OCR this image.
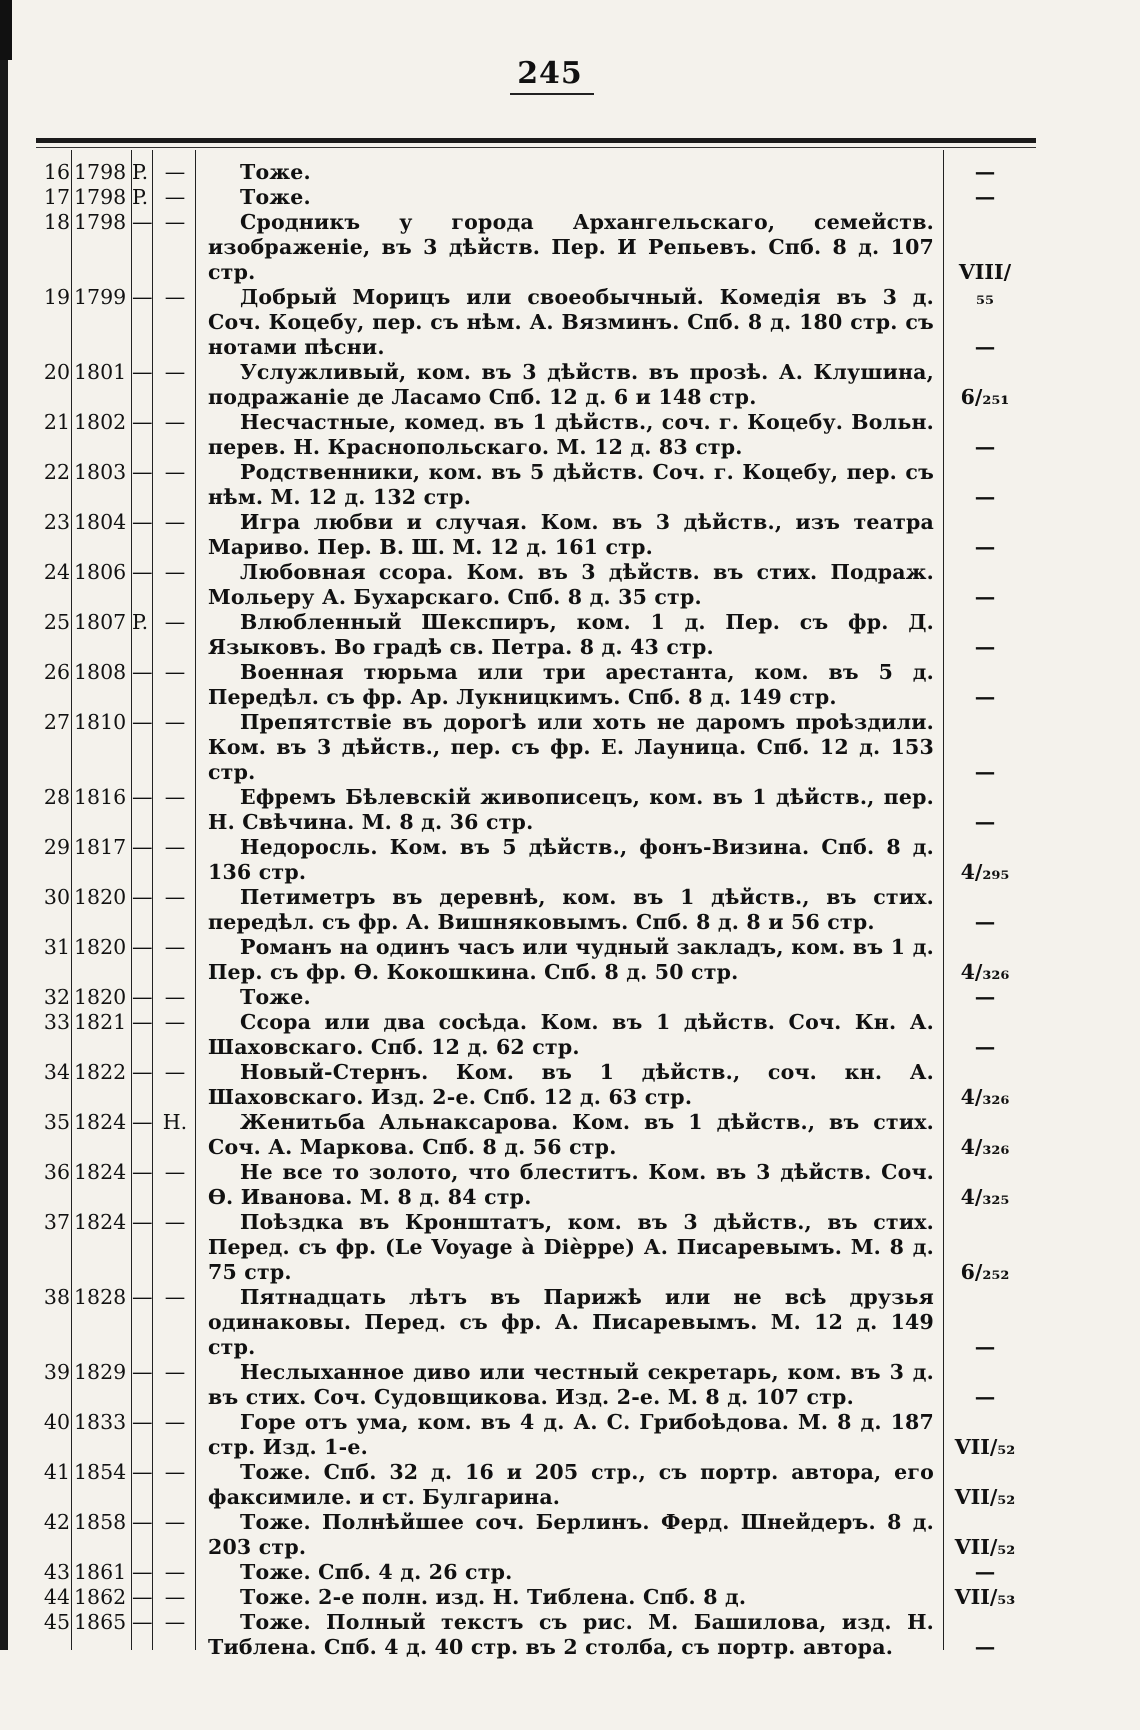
245
16 1798 P. —	Тоже.	—
17 1798 P. —	Тоже.	—
18 1798 — —	Сродникъ у города Архангельскаго, семейств. изображеніе, въ 3 дѣйств. Пер. И Репьевъ. Спб. 8 д. 107 стр.	VIII/₅₅
19 1799 — —	Добрый Морицъ или своеобычный. Комедія въ 3 д. Соч. Коцебу, пер. съ нѣм. А. Вязминъ. Спб. 8 д. 180 стр. съ нотами пѣсни.	—
20 1801 — —	Услужливый, ком. въ 3 дѣйств. въ прозѣ. А. Клушина, подражаніе де Ласамо Спб. 12 д. 6 и 148 стр.	6/₂₅₁
21 1802 — —	Несчастные, комед. въ 1 дѣйств., соч. г. Коцебу. Вольн. перев. Н. Краснопольскаго. М. 12 д. 83 стр.	—
22 1803 — —	Родственники, ком. въ 5 дѣйств. Соч. г. Коцебу, пер. съ нѣм. М. 12 д. 132 стр.	—
23 1804 — —	Игра любви и случая. Ком. въ 3 дѣйств., изъ театра Мариво. Пер. В. Ш. М. 12 д. 161 стр.	—
24 1806 — —	Любовная ссора. Ком. въ 3 дѣйств. въ стих. Подраж. Мольеру А. Бухарскаго. Спб. 8 д. 35 стр.	—
25 1807 P. —	Влюбленный Шекспиръ, ком. 1 д. Пер. съ фр. Д. Языковъ. Во градѣ св. Петра. 8 д. 43 стр.	—
26 1808 — —	Военная тюрьма или три арестанта, ком. въ 5 д. Передѣл. съ фр. Ар. Лукницкимъ. Спб. 8 д. 149 стр.	—
27 1810 — —	Препятствіе въ дорогѣ или хоть не даромъ проѣздили. Ком. въ 3 дѣйств., пер. съ фр. Е. Лауница. Спб. 12 д. 153 стр.	—
28 1816 — —	Ефремъ Бѣлевскій живописецъ, ком. въ 1 дѣйств., пер. Н. Свѣчина. М. 8 д. 36 стр.	—
29 1817 — —	Недоросль. Ком. въ 5 дѣйств., фонъ-Визина. Спб. 8 д. 136 стр.	4/₂₉₅
30 1820 — —	Петиметръ въ деревнѣ, ком. въ 1 дѣйств., въ стих. передѣл. съ фр. А. Вишняковымъ. Спб. 8 д. 8 и 56 стр.	—
31 1820 — —	Романъ на одинъ часъ или чудный закладъ, ком. въ 1 д. Пер. съ фр. Ѳ. Кокошкина. Спб. 8 д. 50 стр.	4/₃₂₆
32 1820 — —	Тоже.	—
33 1821 — —	Ссора или два сосѣда. Ком. въ 1 дѣйств. Соч. Кн. А. Шаховскаго. Спб. 12 д. 62 стр.	—
34 1822 — —	Новый-Стернъ. Ком. въ 1 дѣйств., соч. кн. А. Шаховскаго. Изд. 2-е. Спб. 12 д. 63 стр.	4/₃₂₆
35 1824 — H.	Женитьба Альнаксарова. Ком. въ 1 дѣйств., въ стих. Соч. А. Маркова. Спб. 8 д. 56 стр.	4/₃₂₆
36 1824 — —	Не все то золото, что блеститъ. Ком. въ 3 дѣйств. Соч. Ѳ. Иванова. М. 8 д. 84 стр.	4/₃₂₅
37 1824 — —	Поѣздка въ Кронштатъ, ком. въ 3 дѣйств., въ стих. Перед. съ фр. (Le Voyage à Dièppe) А. Писаревымъ. М. 8 д. 75 стр.	6/₂₅₂
38 1828 — —	Пятнадцать лѣтъ въ Парижѣ или не всѣ друзья одинаковы. Перед. съ фр. А. Писаревымъ. М. 12 д. 149 стр.	—
39 1829 — —	Неслыханное диво или честный секретарь, ком. въ 3 д. въ стих. Соч. Судовщикова. Изд. 2-е. М. 8 д. 107 стр.	—
40 1833 — —	Горе отъ ума, ком. въ 4 д. А. С. Грибоѣдова. М. 8 д. 187 стр. Изд. 1-е.	VII/₅₂
41 1854 — —	Тоже. Спб. 32 д. 16 и 205 стр., съ портр. автора, его факсимиле. и ст. Булгарина.	VII/₅₂
42 1858 — —	Тоже. Полнѣйшее соч. Берлинъ. Ферд. Шнейдеръ. 8 д. 203 стр.	VII/₅₂
43 1861 — —	Тоже. Спб. 4 д. 26 стр.	—
44 1862 — —	Тоже. 2-е полн. изд. Н. Тиблена. Спб. 8 д.	VII/₅₃
45 1865 — —	Тоже. Полный текстъ съ рис. М. Башилова, изд. Н. Тиблена. Спб. 4 д. 40 стр. въ 2 столба, съ портр. автора.	—
